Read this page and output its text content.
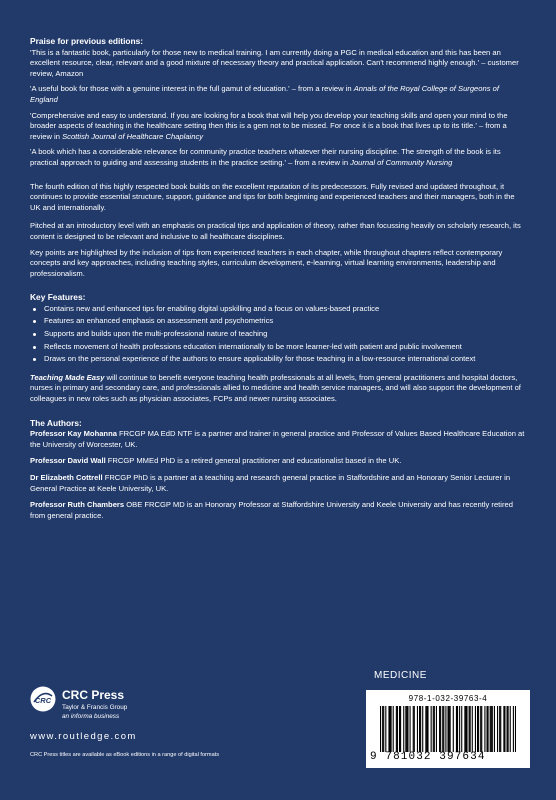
Praise for previous editions:
'This is a fantastic book, particularly for those new to medical training. I am currently doing a PGC in medical education and this has been an excellent resource, clear, relevant and a good mixture of necessary theory and practical application. Can't recommend highly enough.' – customer review, Amazon
'A useful book for those with a genuine interest in the full gamut of education.' – from a review in Annals of the Royal College of Surgeons of England
'Comprehensive and easy to understand. If you are looking for a book that will help you develop your teaching skills and open your mind to the broader aspects of teaching in the healthcare setting then this is a gem not to be missed. For once it is a book that lives up to its title.' – from a review in Scottish Journal of Healthcare Chaplaincy
'A book which has a considerable relevance for community practice teachers whatever their nursing discipline. The strength of the book is its practical approach to guiding and assessing students in the practice setting.' – from a review in Journal of Community Nursing
The fourth edition of this highly respected book builds on the excellent reputation of its predecessors. Fully revised and updated throughout, it continues to provide essential structure, support, guidance and tips for both beginning and experienced teachers and their managers, both in the UK and internationally.
Pitched at an introductory level with an emphasis on practical tips and application of theory, rather than focussing heavily on scholarly research, its content is designed to be relevant and inclusive to all healthcare disciplines.
Key points are highlighted by the inclusion of tips from experienced teachers in each chapter, while throughout chapters reflect contemporary concepts and key approaches, including teaching styles, curriculum development, e-learning, virtual learning environments, leadership and professionalism.
Key Features:
Contains new and enhanced tips for enabling digital upskilling and a focus on values-based practice
Features an enhanced emphasis on assessment and psychometrics
Supports and builds upon the multi-professional nature of teaching
Reflects movement of health professions education internationally to be more learner-led with patient and public involvement
Draws on the personal experience of the authors to ensure applicability for those teaching in a low-resource international context
Teaching Made Easy will continue to benefit everyone teaching health professionals at all levels, from general practitioners and hospital doctors, nurses in primary and secondary care, and professionals allied to medicine and health service managers, and will also support the development of colleagues in new roles such as physician associates, FCPs and newer nursing associates.
The Authors:
Professor Kay Mohanna FRCGP MA EdD NTF is a partner and trainer in general practice and Professor of Values Based Healthcare Education at the University of Worcester, UK.
Professor David Wall FRCGP MMEd PhD is a retired general practitioner and educationalist based in the UK.
Dr Elizabeth Cottrell FRCGP PhD is a partner at a teaching and research general practice in Staffordshire and an Honorary Senior Lecturer in General Practice at Keele University, UK.
Professor Ruth Chambers OBE FRCGP MD is an Honorary Professor at Staffordshire University and Keele University and has recently retired from general practice.
MEDICINE
978-1-032-39763-4
9 781032 397634
CRC CRC Press
Taylor & Francis Group
an informa business
www.routledge.com
CRC Press titles are available as eBook editions in a range of digital formats
